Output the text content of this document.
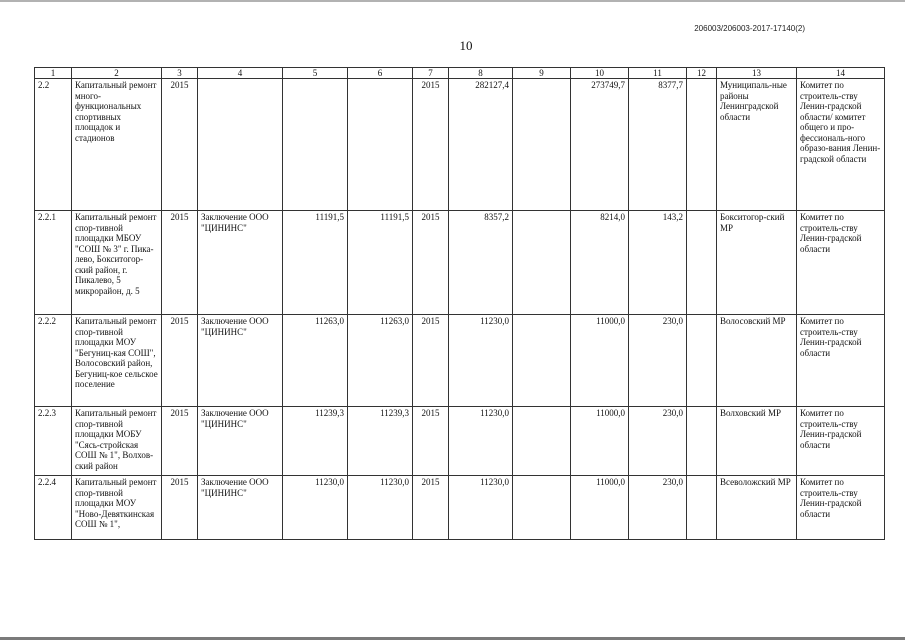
206003/206003-2017-17140(2)
10
1	2	3	4	5	6	7	8	9	10	11	12	13	14
2.2	Капитальный ремонт много-функциональных спортивных площадок и стадионов	2015				2015	282127,4		273749,7	8377,7		Муниципаль-ные районы Ленинградской области	Комитет по строитель-ству Ленин-градской области/ комитет общего и про-фессиональ-ного образо-вания Ленин-градской области
2.2.1	Капитальный ремонт спор-тивной площадки МБОУ "СОШ № 3" г. Пика-лево, Бокситогор-ский район, г. Пикалево, 5 микрорайон, д. 5	2015	Заключение ООО "ЦИНИНС"	11191,5	11191,5	2015	8357,2		8214,0	143,2		Бокситогор-ский МР	Комитет по строитель-ству Ленин-градской области
2.2.2	Капитальный ремонт спор-тивной площадки МОУ "Бегуниц-кая СОШ", Волосовский район, Бегуниц-кое сельское поселение	2015	Заключение ООО "ЦИНИНС"	11263,0	11263,0	2015	11230,0		11000,0	230,0		Волосовский МР	Комитет по строитель-ству Ленин-градской области
2.2.3	Капитальный ремонт спор-тивной площадки МОБУ "Сясь-стройская СОШ № 1", Волхов-ский район	2015	Заключение ООО "ЦИНИНС"	11239,3	11239,3	2015	11230,0		11000,0	230,0		Волховский МР	Комитет по строитель-ству Ленин-градской области
2.2.4	Капитальный ремонт спор-тивной площадки МОУ "Ново-Девяткинская СОШ № 1",	2015	Заключение ООО "ЦИНИНС"	11230,0	11230,0	2015	11230,0		11000,0	230,0		Всеволожский МР	Комитет по строитель-ству Ленин-градской области
